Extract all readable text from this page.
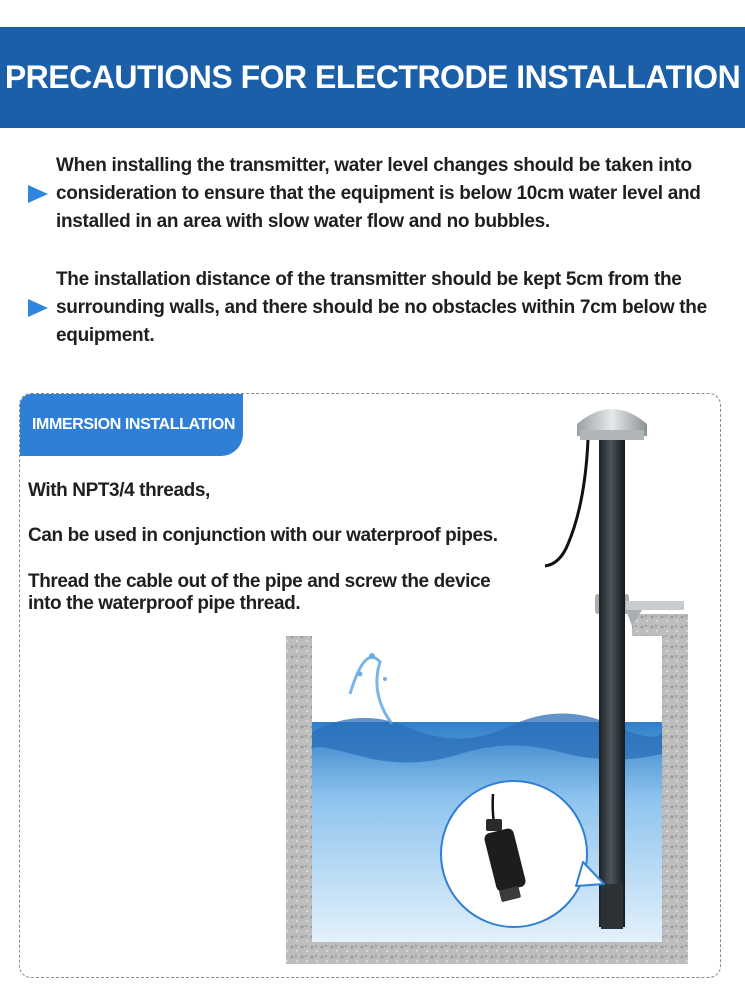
PRECAUTIONS FOR ELECTRODE INSTALLATION

When installing the transmitter, water level changes should be taken into consideration to ensure that the equipment is below 10cm water level and installed in an area with slow water flow and no bubbles.

The installation distance of the transmitter should be kept 5cm from the surrounding walls, and there should be no obstacles within 7cm below the equipment.

IMMERSION INSTALLATION
With NPT3/4 threads,
Can be used in conjunction with our waterproof pipes.
Thread the cable out of the pipe and screw the device
into the waterproof pipe thread.
